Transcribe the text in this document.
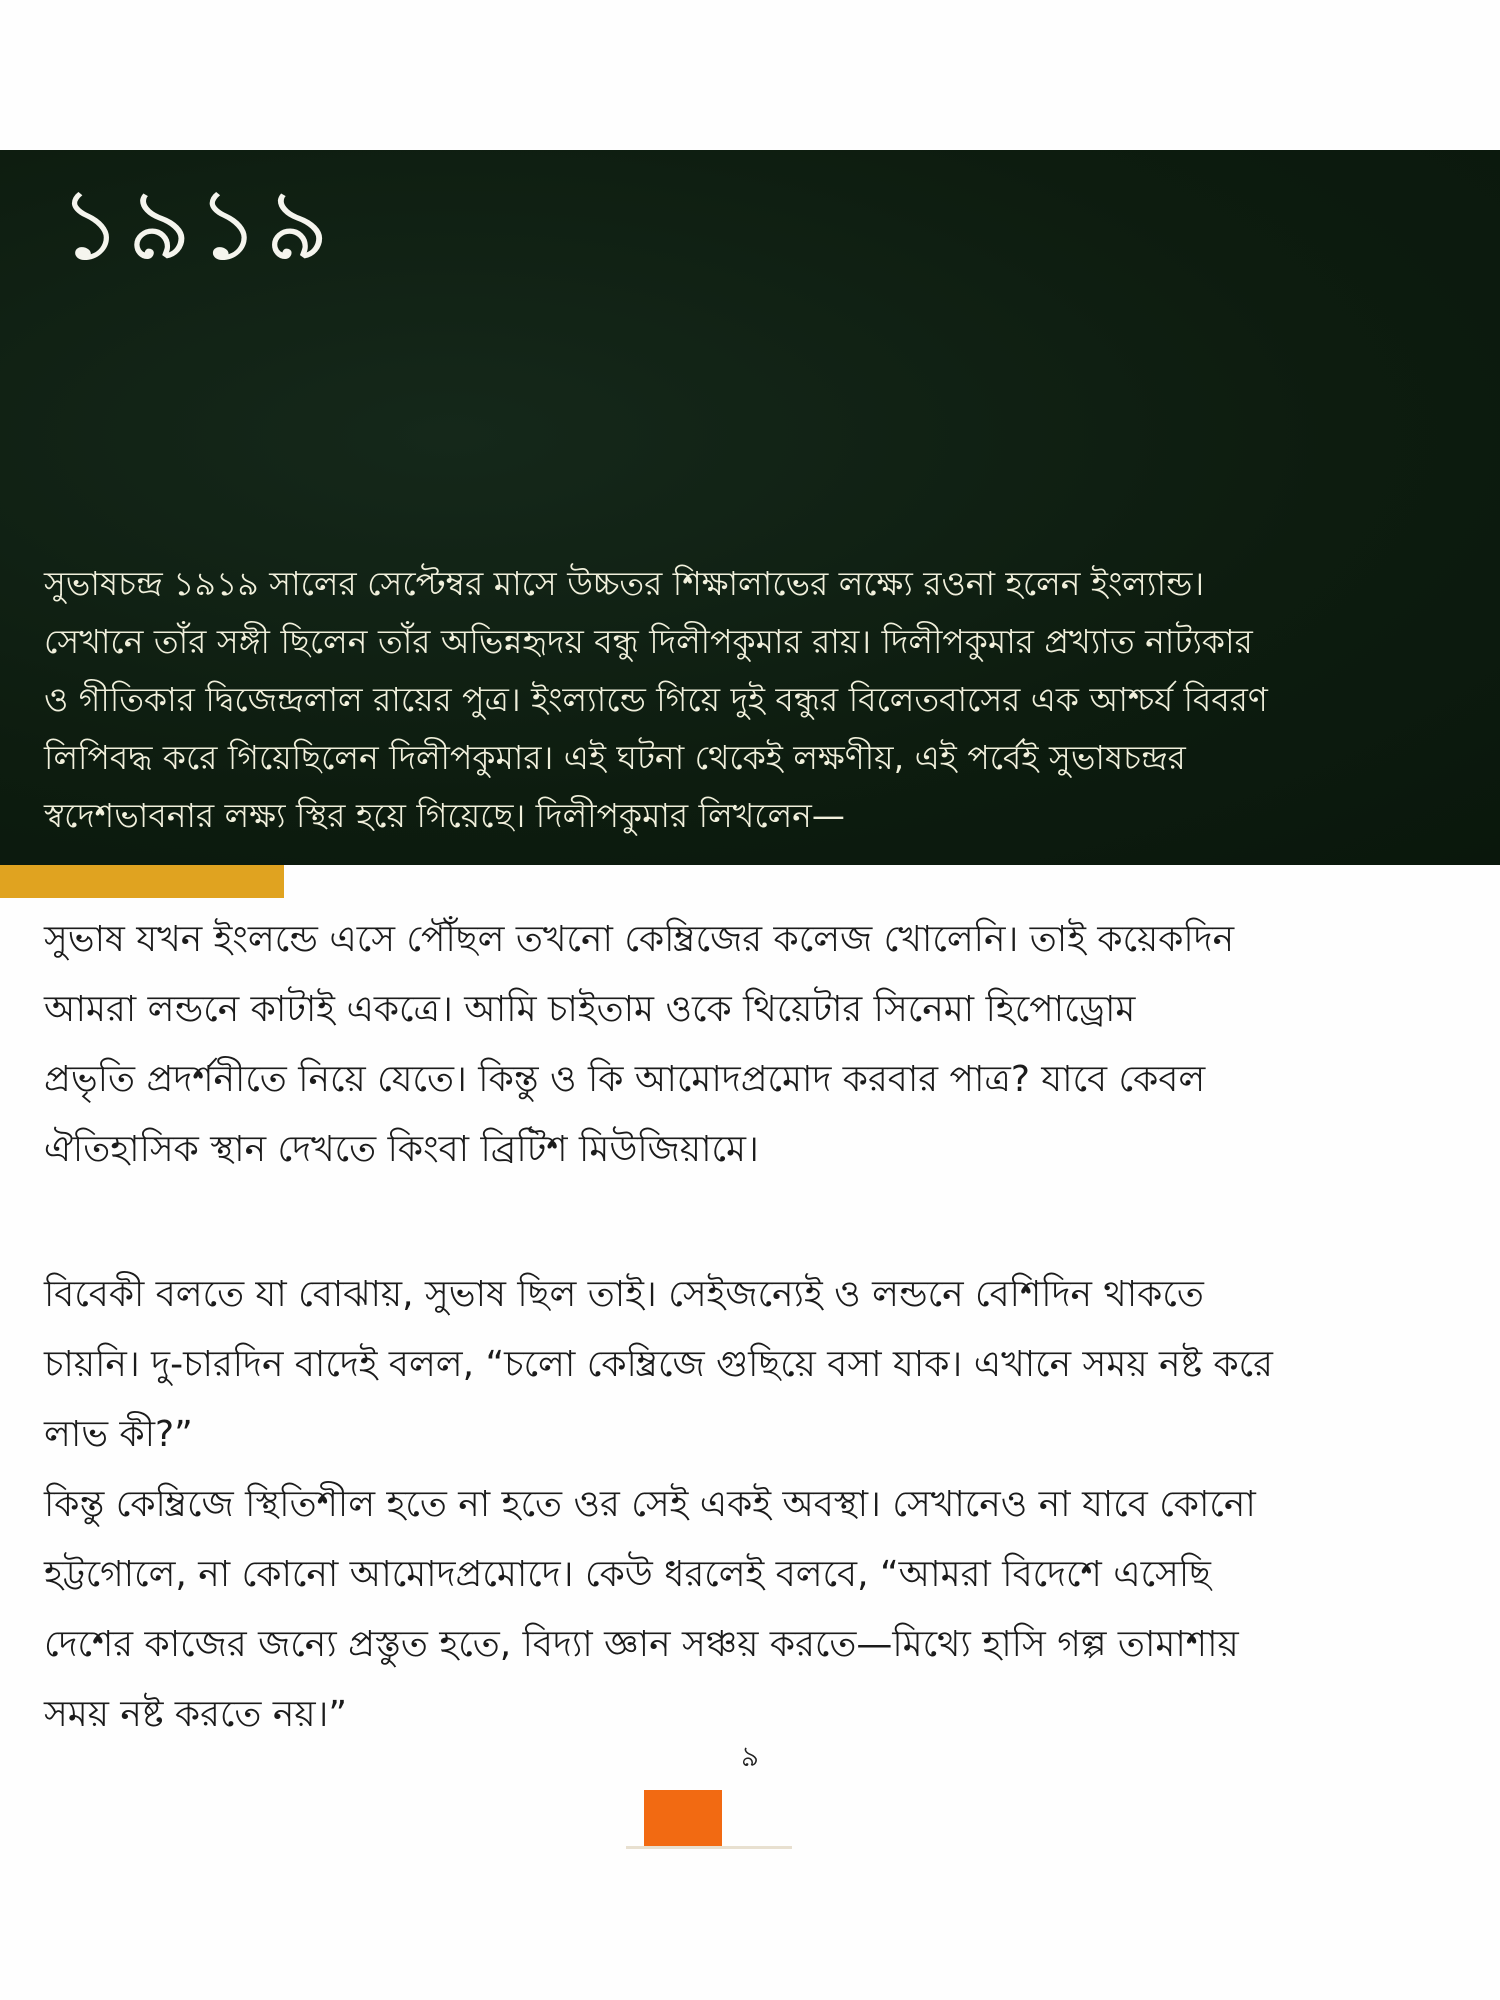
১৯১৯

সুভাষচন্দ্র ১৯১৯ সালের সেপ্টেম্বর মাসে উচ্চতর শিক্ষালাভের লক্ষ্যে রওনা হলেন ইংল্যান্ড।

সেখানে তাঁর সঙ্গী ছিলেন তাঁর অভিন্নহৃদয় বন্ধু দিলীপকুমার রায়। দিলীপকুমার প্রখ্যাত নাট্যকার

ও গীতিকার দ্বিজেন্দ্রলাল রায়ের পুত্র। ইংল্যান্ডে গিয়ে দুই বন্ধুর বিলেতবাসের এক আশ্চর্য বিবরণ

লিপিবদ্ধ করে গিয়েছিলেন দিলীপকুমার। এই ঘটনা থেকেই লক্ষণীয়, এই পর্বেই সুভাষচন্দ্রর

স্বদেশভাবনার লক্ষ্য স্থির হয়ে গিয়েছে। দিলীপকুমার লিখলেন—

সুভাষ যখন ইংলন্ডে এসে পৌঁছল তখনো কেম্ব্রিজের কলেজ খোলেনি। তাই কয়েকদিন

আমরা লন্ডনে কাটাই একত্রে। আমি চাইতাম ওকে থিয়েটার সিনেমা হিপোড্রোম

প্রভৃতি প্রদর্শনীতে নিয়ে যেতে। কিন্তু ও কি আমোদপ্রমোদ করবার পাত্র? যাবে কেবল

ঐতিহাসিক স্থান দেখতে কিংবা ব্রিটিশ মিউজিয়ামে।

বিবেকী বলতে যা বোঝায়, সুভাষ ছিল তাই। সেইজন্যেই ও লন্ডনে বেশিদিন থাকতে

চায়নি। দু-চারদিন বাদেই বলল, “চলো কেম্ব্রিজে গুছিয়ে বসা যাক। এখানে সময় নষ্ট করে

লাভ কী?”

কিন্তু কেম্ব্রিজে স্থিতিশীল হতে না হতে ওর সেই একই অবস্থা। সেখানেও না যাবে কোনো

হট্টগোলে, না কোনো আমোদপ্রমোদে। কেউ ধরলেই বলবে, “আমরা বিদেশে এসেছি

দেশের কাজের জন্যে প্রস্তুত হতে, বিদ্যা জ্ঞান সঞ্চয় করতে—মিথ্যে হাসি গল্প তামাশায়

সময় নষ্ট করতে নয়।”

৯
